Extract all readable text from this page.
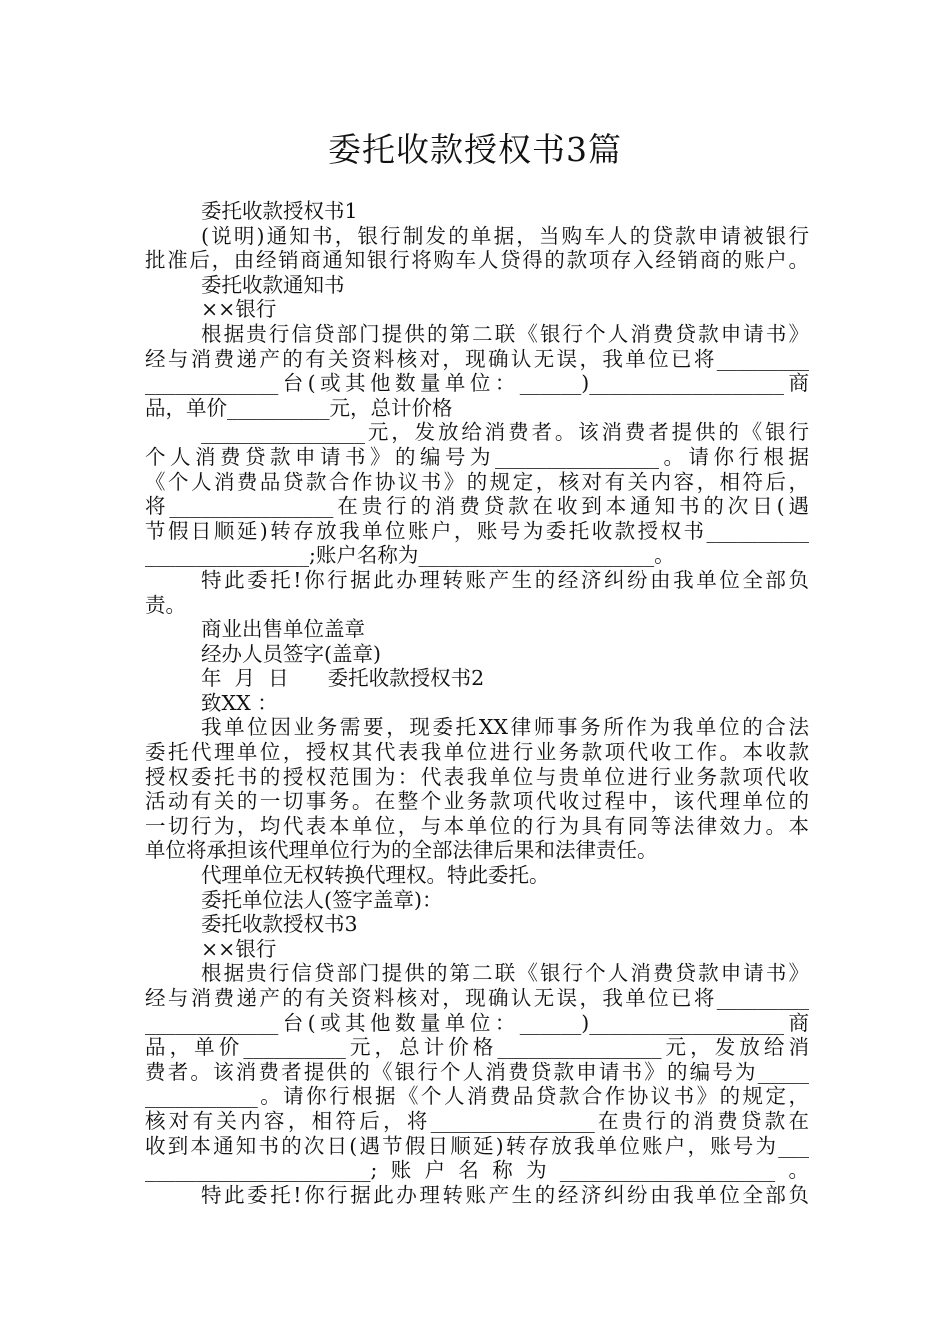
委托收款授权书3篇
委托收款授权书1
(说明)通知书，银行制发的单据，当购车人的贷款申请被银行
批准后，由经销商通知银行将购车人贷得的款项存入经销商的账户。
委托收款通知书
××银行
根据贵行信贷部门提供的第二联《银行个人消费贷款申请书》
经与消费递产的有关资料核对，现确认无误，我单位已将_________
_____________台(或其他数量单位：______)___________________商
品，单价__________元，总计价格
________________元，发放给消费者。该消费者提供的《银行
个人消费贷款申请书》的编号为________________。请你行根据
《个人消费品贷款合作协议书》的规定，核对有关内容，相符后，
将________________在贵行的消费贷款在收到本通知书的次日(遇
节假日顺延)转存放我单位账户，账号为委托收款授权书__________
________________;账户名称为_______________________。
特此委托!你行据此办理转账产生的经济纠纷由我单位全部负
责。
商业出售单位盖章
经办人员签字(盖章)
年  月  日      委托收款授权书2
致XX ：
我单位因业务需要，现委托XX律师事务所作为我单位的合法
委托代理单位，授权其代表我单位进行业务款项代收工作。本收款
授权委托书的授权范围为：代表我单位与贵单位进行业务款项代收
活动有关的一切事务。在整个业务款项代收过程中，该代理单位的
一切行为，均代表本单位，与本单位的行为具有同等法律效力。本
单位将承担该代理单位行为的全部法律后果和法律责任。
代理单位无权转换代理权。特此委托。
委托单位法人(签字盖章)：
委托收款授权书3
××银行
根据贵行信贷部门提供的第二联《银行个人消费贷款申请书》
经与消费递产的有关资料核对，现确认无误，我单位已将_________
_____________台(或其他数量单位：______)___________________商
品，单价__________元，总计价格________________元，发放给消
费者。该消费者提供的《银行个人消费贷款申请书》的编号为_____
___________。请你行根据《个人消费品贷款合作协议书》的规定，
核对有关内容，相符后，将________________在贵行的消费贷款在
收到本通知书的次日(遇节假日顺延)转存放我单位账户，账号为___
______________________;账户名称为_____________________。
特此委托!你行据此办理转账产生的经济纠纷由我单位全部负
